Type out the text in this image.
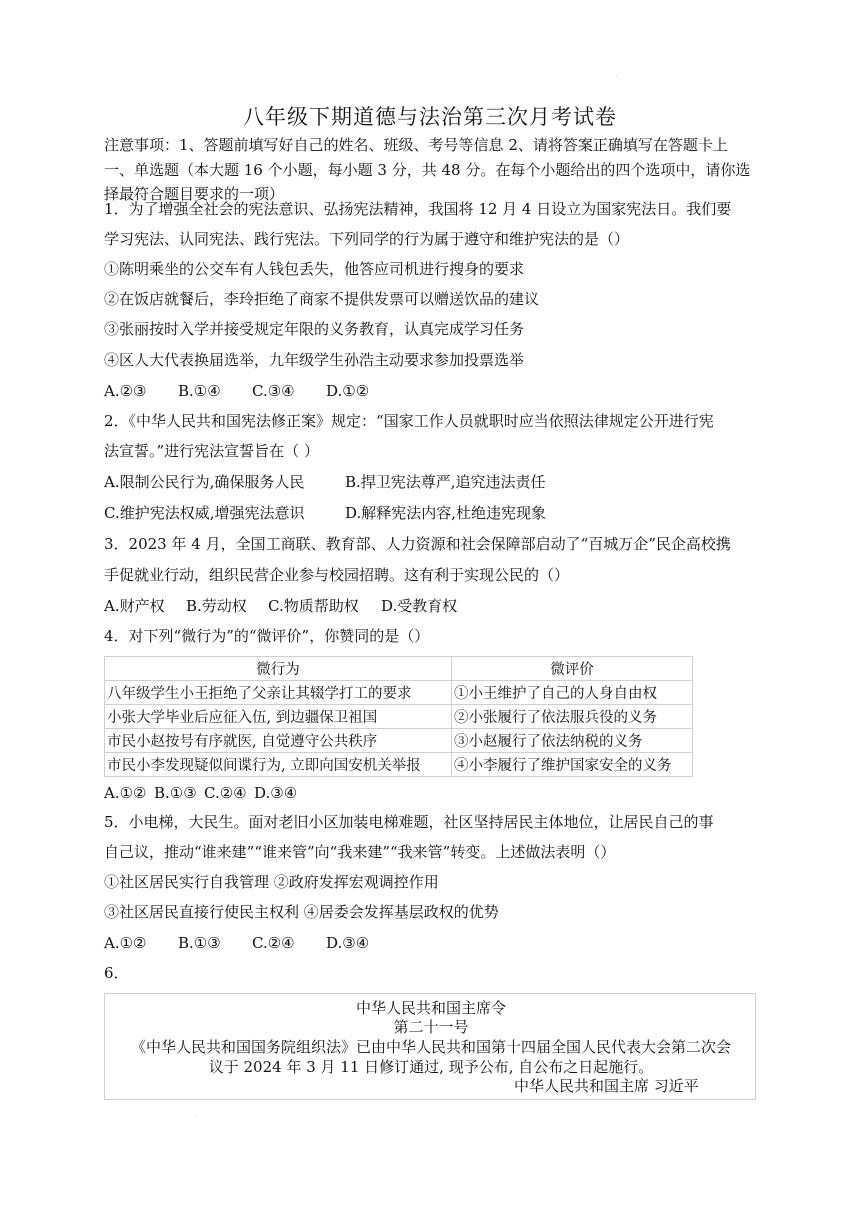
·
八年级下期道德与法治第三次月考试卷
注意事项：1、答题前填写好自己的姓名、班级、考号等信息 2、请将答案正确填写在答题卡上
一、单选题（本大题 16 个小题，每小题 3 分，共 48 分。在每个小题给出的四个选项中，请你选
择最符合题目要求的一项）
1．为了增强全社会的宪法意识、弘扬宪法精神，我国将 12 月 4 日设立为国家宪法日。我们要
学习宪法、认同宪法、践行宪法。下列同学的行为属于遵守和维护宪法的是（）
①陈明乘坐的公交车有人钱包丢失，他答应司机进行搜身的要求
②在饭店就餐后，李玲拒绝了商家不提供发票可以赠送饮品的建议
③张丽按时入学并接受规定年限的义务教育，认真完成学习任务
④区人大代表换届选举，九年级学生孙浩主动要求参加投票选举
A.②③ B.①④ C.③④ D.①②
2．《中华人民共和国宪法修正案》规定：“国家工作人员就职时应当依照法律规定公开进行宪
法宣誓。”进行宪法宣誓旨在（ ）
A.限制公民行为,确保服务人民	B.捍卫宪法尊严,追究违法责任
C.维护宪法权威,增强宪法意识	D.解释宪法内容,杜绝违宪现象
3．2023 年 4 月，全国工商联、教育部、人力资源和社会保障部启动了“百城万企”民企高校携
手促就业行动，组织民营企业参与校园招聘。这有利于实现公民的（）
A.财产权 B.劳动权 C.物质帮助权 D.受教育权
4．对下列“微行为”的“微评价”，你赞同的是（）
微行为	微评价
八年级学生小王拒绝了父亲让其辍学打工的要求	①小王维护了自己的人身自由权
小张大学毕业后应征入伍, 到边疆保卫祖国	②小张履行了依法服兵役的义务
市民小赵按号有序就医, 自觉遵守公共秩序	③小赵履行了依法纳税的义务
市民小李发现疑似间谍行为, 立即向国安机关举报	④小李履行了维护国家安全的义务
A.①② B.①③ C.②④ D.③④
5．小电梯，大民生。面对老旧小区加装电梯难题，社区坚持居民主体地位，让居民自己的事
自己议，推动“谁来建”“谁来管”向“我来建”“我来管”转变。上述做法表明（）
①社区居民实行自我管理 ②政府发挥宏观调控作用
③社区居民直接行使民主权利 ④居委会发挥基层政权的优势
A.①② B.①③ C.②④ D.③④
6．
中华人民共和国主席令
第二十一号
《中华人民共和国国务院组织法》已由中华人民共和国第十四届全国人民代表大会第二次会
议于 2024 年 3 月 11 日修订通过, 现予公布, 自公布之日起施行。
中华人民共和国主席 习近平
·
